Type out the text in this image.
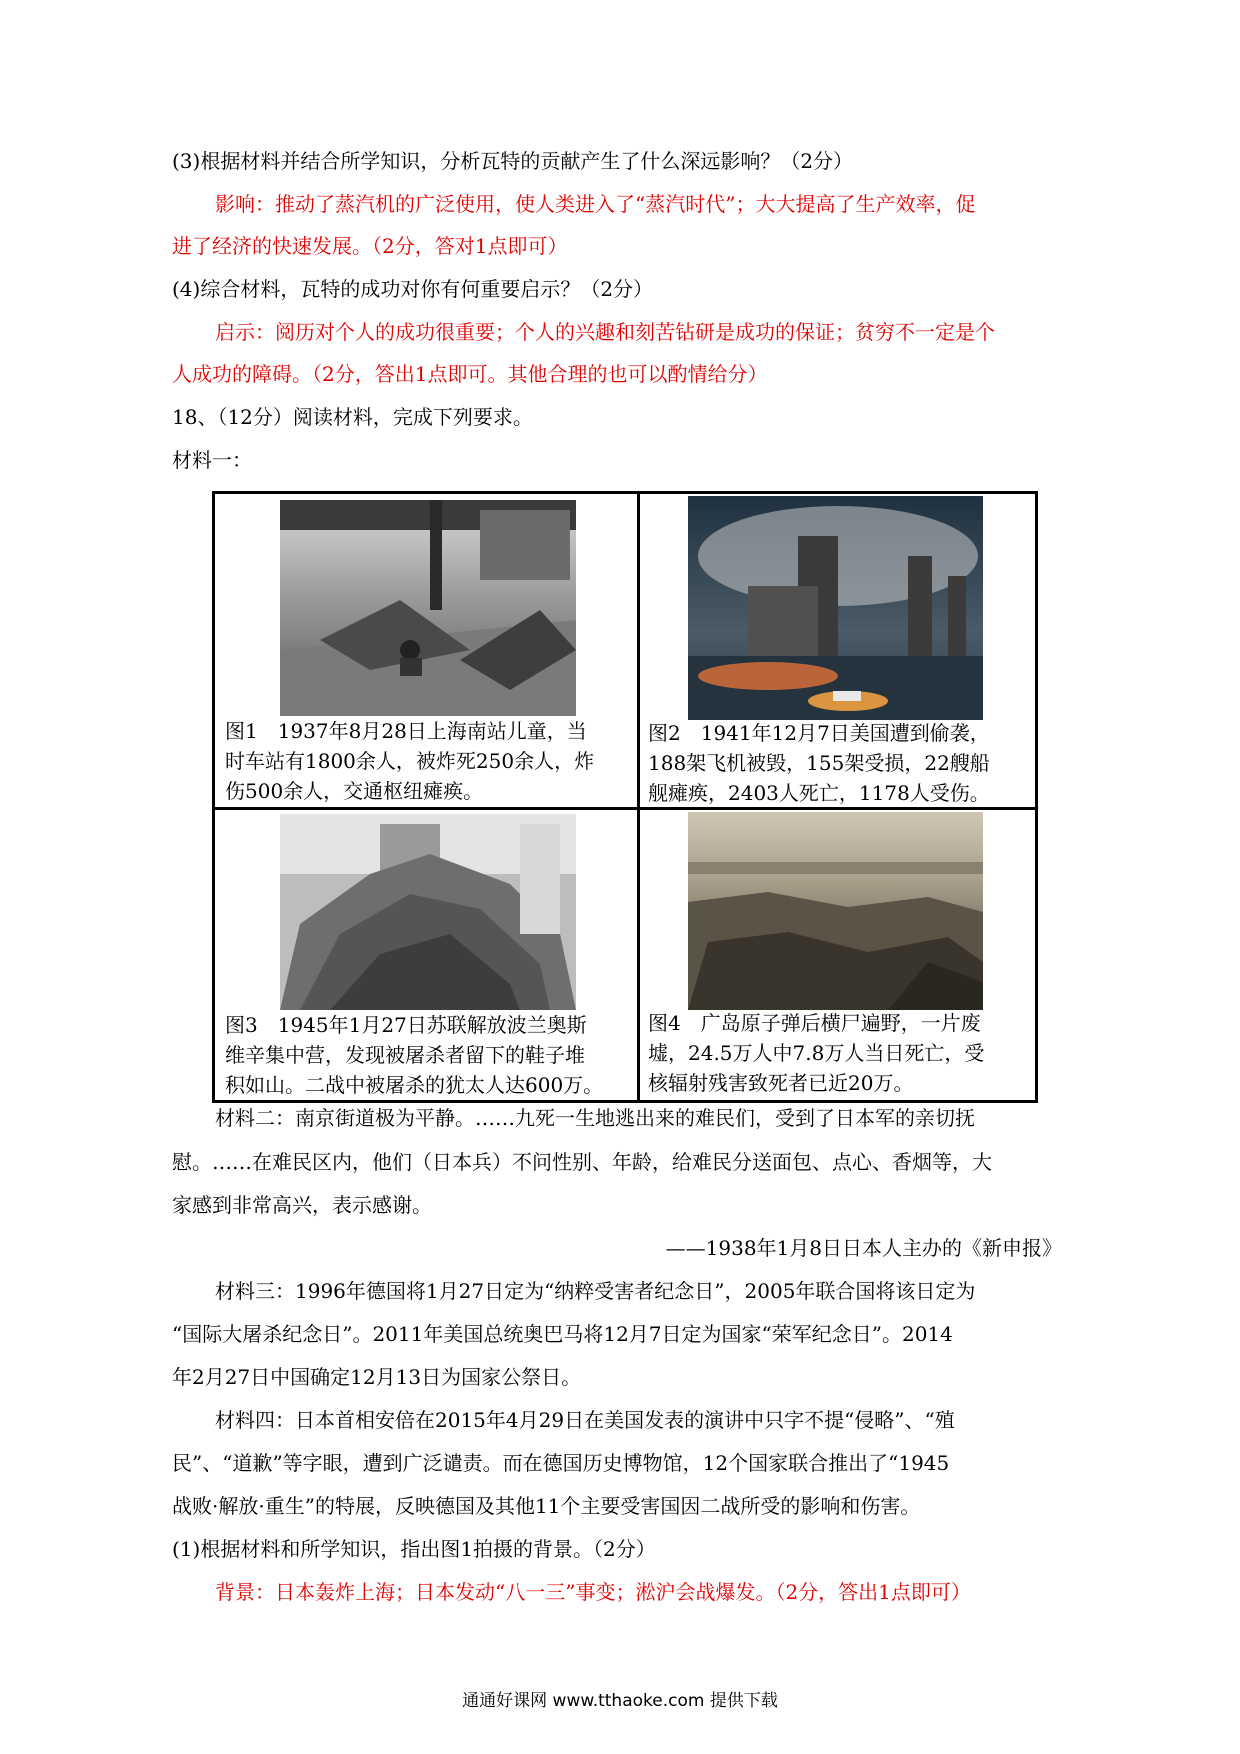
(3)根据材料并结合所学知识，分析瓦特的贡献产生了什么深远影响？（2分）
影响：推动了蒸汽机的广泛使用，使人类进入了“蒸汽时代”；大大提高了生产效率，促
进了经济的快速发展。（2分，答对1点即可）
(4)综合材料，瓦特的成功对你有何重要启示？（2分）
启示：阅历对个人的成功很重要；个人的兴趣和刻苦钻研是成功的保证；贫穷不一定是个
人成功的障碍。（2分，答出1点即可。其他合理的也可以酌情给分）
18、（12分）阅读材料，完成下列要求。
材料一：
图1　1937年8月28日上海南站儿童，当
时车站有1800余人，被炸死250余人，炸
伤500余人，交通枢纽瘫痪。
图2　1941年12月7日美国遭到偷袭，
188架飞机被毁，155架受损，22艘船
舰瘫痪，2403人死亡，1178人受伤。
图3　1945年1月27日苏联解放波兰奥斯
维辛集中营，发现被屠杀者留下的鞋子堆
积如山。二战中被屠杀的犹太人达600万。
图4　广岛原子弹后横尸遍野，一片废
墟，24.5万人中7.8万人当日死亡，受
核辐射残害致死者已近20万。
材料二：南京街道极为平静。……九死一生地逃出来的难民们，受到了日本军的亲切抚
慰。……在难民区内，他们（日本兵）不问性别、年龄，给难民分送面包、点心、香烟等，大
家感到非常高兴，表示感谢。
——1938年1月8日日本人主办的《新申报》
材料三：1996年德国将1月27日定为“纳粹受害者纪念日”，2005年联合国将该日定为
“国际大屠杀纪念日”。2011年美国总统奥巴马将12月7日定为国家“荣军纪念日”。2014
年2月27日中国确定12月13日为国家公祭日。
材料四：日本首相安倍在2015年4月29日在美国发表的演讲中只字不提“侵略”、“殖
民”、“道歉”等字眼，遭到广泛谴责。而在德国历史博物馆，12个国家联合推出了“1945
战败·解放·重生”的特展，反映德国及其他11个主要受害国因二战所受的影响和伤害。
(1)根据材料和所学知识，指出图1拍摄的背景。（2分）
背景：日本轰炸上海；日本发动“八一三”事变；淞沪会战爆发。（2分，答出1点即可）
通通好课网 www.tthaoke.com 提供下载
